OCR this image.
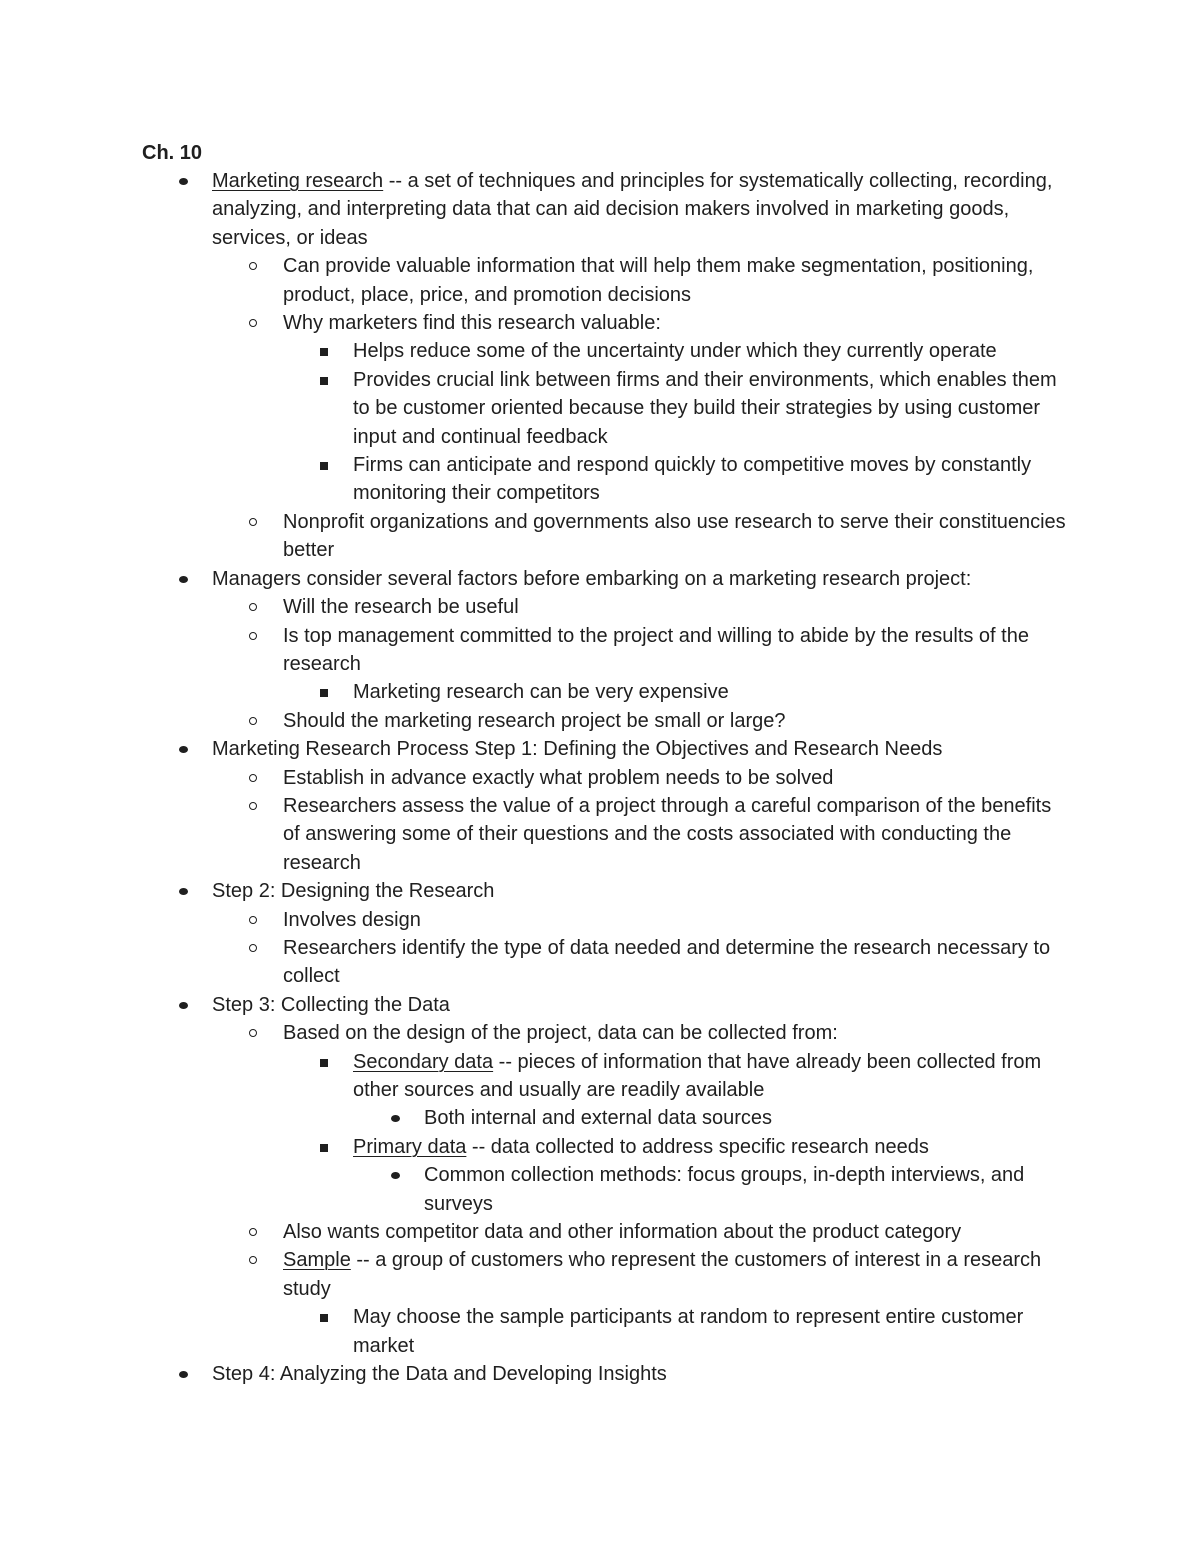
Ch. 10

Marketing research -- a set of techniques and principles for systematically collecting, recording, analyzing, and interpreting data that can aid decision makers involved in marketing goods, services, or ideas
Can provide valuable information that will help them make segmentation, positioning, product, place, price, and promotion decisions
Why marketers find this research valuable:
Helps reduce some of the uncertainty under which they currently operate
Provides crucial link between firms and their environments, which enables them to be customer oriented because they build their strategies by using customer input and continual feedback
Firms can anticipate and respond quickly to competitive moves by constantly monitoring their competitors
Nonprofit organizations and governments also use research to serve their constituencies better
Managers consider several factors before embarking on a marketing research project:
Will the research be useful
Is top management committed to the project and willing to abide by the results of the research
Marketing research can be very expensive
Should the marketing research project be small or large?
Marketing Research Process Step 1: Defining the Objectives and Research Needs
Establish in advance exactly what problem needs to be solved
Researchers assess the value of a project through a careful comparison of the benefits of answering some of their questions and the costs associated with conducting the research
Step 2: Designing the Research
Involves design
Researchers identify the type of data needed and determine the research necessary to collect
Step 3: Collecting the Data
Based on the design of the project, data can be collected from:
Secondary data -- pieces of information that have already been collected from other sources and usually are readily available
Both internal and external data sources
Primary data -- data collected to address specific research needs
Common collection methods: focus groups, in-depth interviews, and surveys
Also wants competitor data and other information about the product category
Sample -- a group of customers who represent the customers of interest in a research study
May choose the sample participants at random to represent entire customer market
Step 4: Analyzing the Data and Developing Insights
